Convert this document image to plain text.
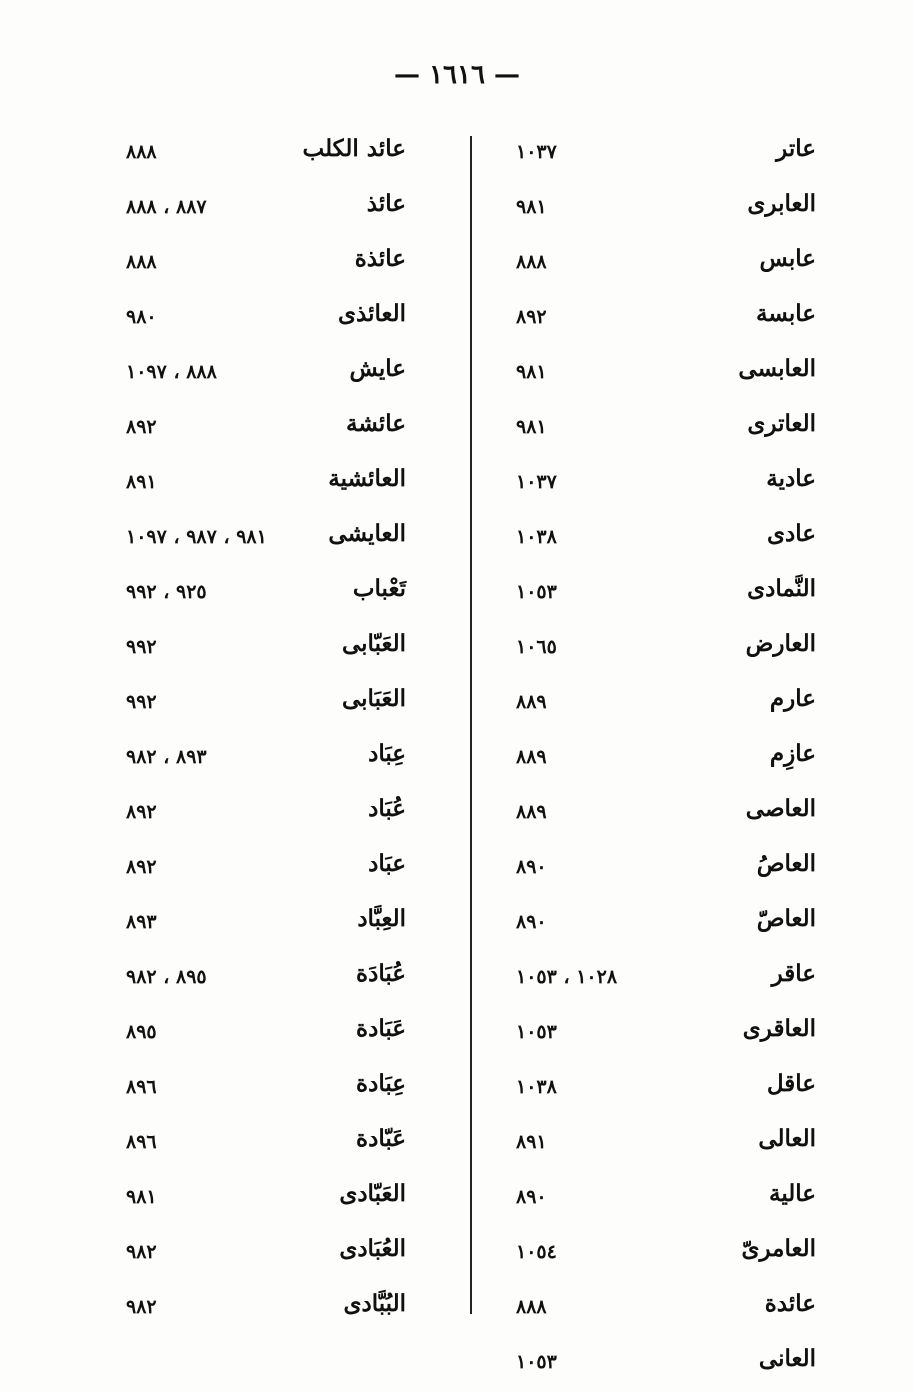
— ١٦١٦ —
عاتر
١٠٣٧
العابرى
٩٨١
عابس
٨٨٨
عابسة
٨٩٢
العابسى
٩٨١
العاترى
٩٨١
عادية
١٠٣٧
عادى
١٠٣٨
النَّمادى
١٠٥٣
العارض
١٠٦٥
عارم
٨٨٩
عازِم
٨٨٩
العاصى
٨٨٩
العاصُ
٨٩٠
العاصّ
٨٩٠
عاقر
١٠٢٨ ، ١٠٥٣
العاقرى
١٠٥٣
عاقل
١٠٣٨
العالى
٨٩١
عالية
٨٩٠
العامرىّ
١٠٥٤
عائدة
٨٨٨
العانى
١٠٥٣
عائد الكلب
٨٨٨
عائذ
٨٨٧ ، ٨٨٨
عائذة
٨٨٨
العائذى
٩٨٠
عايش
٨٨٨ ، ١٠٩٧
عائشة
٨٩٢
العائشية
٨٩١
العايشى
٩٨١ ، ٩٨٧ ، ١٠٩٧
تَعْباب
٩٢٥ ، ٩٩٢
العَبّابى
٩٩٢
العَبَابى
٩٩٢
عِبَاد
٨٩٣ ، ٩٨٢
عُبَاد
٨٩٢
عبَاد
٨٩٢
العِبَّاد
٨٩٣
عُبَادَة
٨٩٥ ، ٩٨٢
عَبَادة
٨٩٥
عِبَادة
٨٩٦
عَبّادة
٨٩٦
العَبّادى
٩٨١
العُبَادى
٩٨٢
البُبَّادى
٩٨٢
